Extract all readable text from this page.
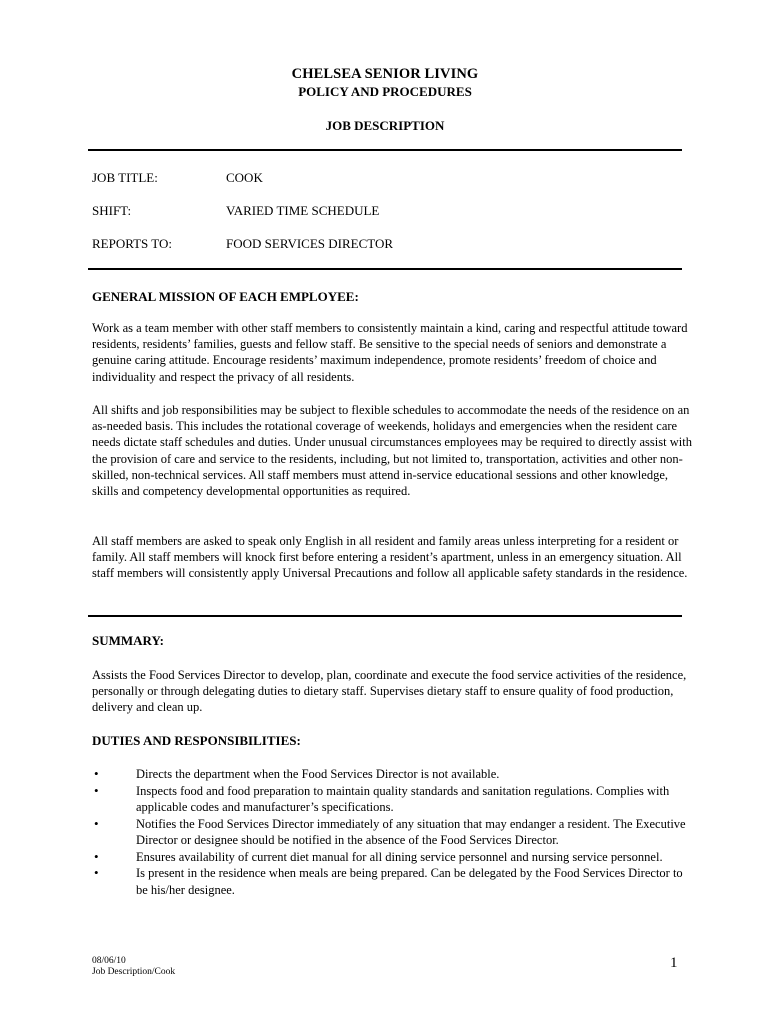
CHELSEA SENIOR LIVING
POLICY AND PROCEDURES
JOB DESCRIPTION
JOB TITLE:	COOK
SHIFT:	VARIED TIME SCHEDULE
REPORTS TO:	FOOD SERVICES DIRECTOR
GENERAL MISSION OF EACH EMPLOYEE:

Work as a team member with other staff members to consistently maintain a kind, caring and respectful attitude toward residents, residents’ families, guests and fellow staff. Be sensitive to the special needs of seniors and demonstrate a genuine caring attitude. Encourage residents’ maximum independence, promote residents’ freedom of choice and individuality and respect the privacy of all residents.

All shifts and job responsibilities may be subject to flexible schedules to accommodate the needs of the residence on an as-needed basis. This includes the rotational coverage of weekends, holidays and emergencies when the resident care needs dictate staff schedules and duties. Under unusual circumstances employees may be required to directly assist with the provision of care and service to the residents, including, but not limited to, transportation, activities and other non-skilled, non-technical services. All staff members must attend in-service educational sessions and other knowledge, skills and competency developmental opportunities as required.

All staff members are asked to speak only English in all resident and family areas unless interpreting for a resident or family. All staff members will knock first before entering a resident’s apartment, unless in an emergency situation. All staff members will consistently apply Universal Precautions and follow all applicable safety standards in the residence.

SUMMARY:

Assists the Food Services Director to develop, plan, coordinate and execute the food service activities of the residence, personally or through delegating duties to dietary staff. Supervises dietary staff to ensure quality of food production, delivery and clean up.

DUTIES AND RESPONSIBILITIES:
•	Directs the department when the Food Services Director is not available.
•	Inspects food and food preparation to maintain quality standards and sanitation regulations. Complies with applicable codes and manufacturer’s specifications.
•	Notifies the Food Services Director immediately of any situation that may endanger a resident. The Executive Director or designee should be notified in the absence of the Food Services Director.
•	Ensures availability of current diet manual for all dining service personnel and nursing service personnel.
•	Is present in the residence when meals are being prepared. Can be delegated by the Food Services Director to be his/her designee.
08/06/10
Job Description/Cook
1
